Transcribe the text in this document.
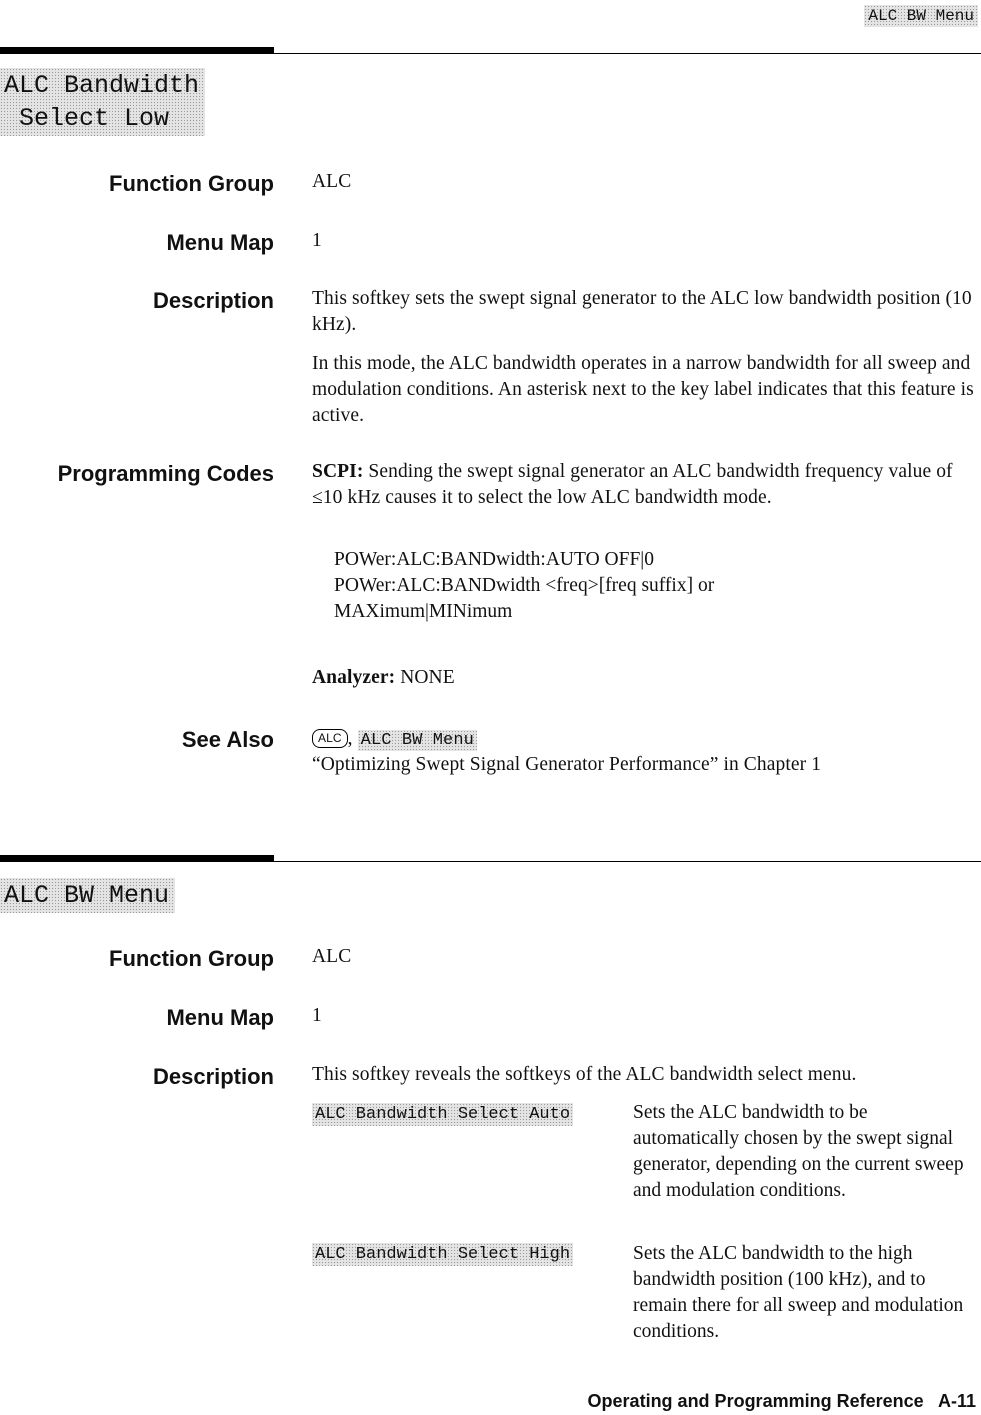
ALC BW Menu
ALC Bandwidth
Select Low
Function Group ALC

Menu Map 1

Description This softkey sets the swept signal generator to the ALC low bandwidth position (10 kHz).

In this mode, the ALC bandwidth operates in a narrow bandwidth for all sweep and modulation conditions. An asterisk next to the key label indicates that this feature is active.

Programming Codes SCPI: Sending the swept signal generator an ALC bandwidth frequency value of ≤10 kHz causes it to select the low ALC bandwidth mode.

POWer:ALC:BANDwidth:AUTO OFF|0
POWer:ALC:BANDwidth <freq>[freq suffix] or
MAXimum|MINimum

Analyzer: NONE

See Also	ALC , ALC BW Menu

“Optimizing Swept Signal Generator Performance” in Chapter 1

ALC BW Menu
Function Group ALC

Menu Map 1

Description This softkey reveals the softkeys of the ALC bandwidth select menu.

ALC Bandwidth Select Auto	Sets the ALC bandwidth to be automatically chosen by the swept signal generator, depending on the current sweep and modulation conditions.

ALC Bandwidth Select High	Sets the ALC bandwidth to the high bandwidth position (100 kHz), and to remain there for all sweep and modulation conditions.

Operating and Programming Reference A-11
